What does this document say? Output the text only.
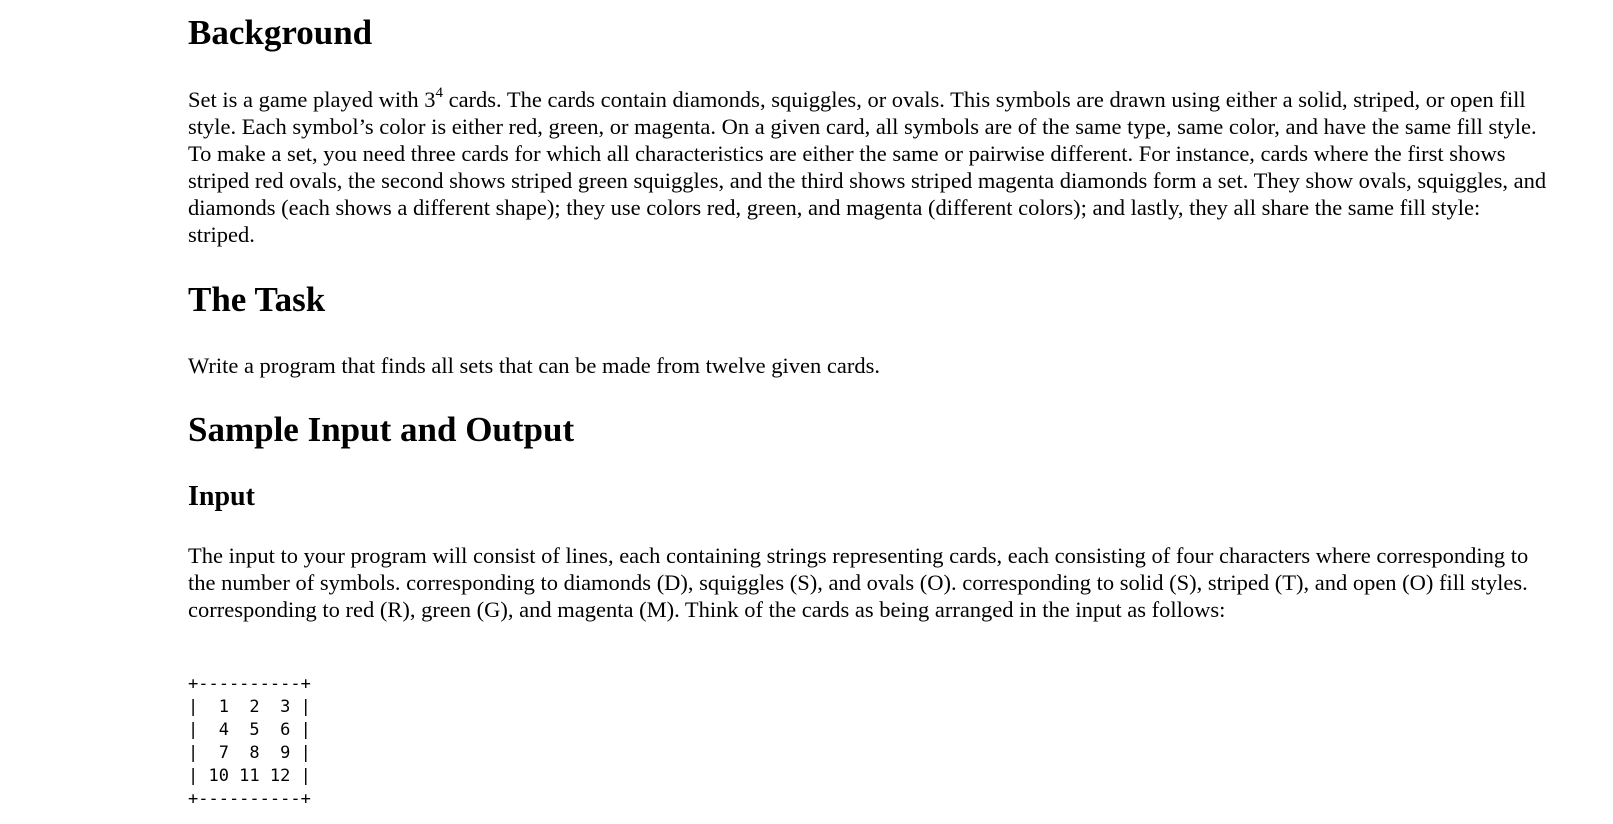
Background

Set is a game played with $3^4$ cards. The cards contain diamonds, squiggles, or ovals. This symbols are drawn using either a solid, striped, or open fill style. Each symbol’s color is either red, green, or magenta. On a given card, all symbols are of the same type, same color, and have the same fill style. To make a set, you need three cards for which all characteristics are either the same or pairwise different. For instance, cards where the first shows striped red ovals, the second shows striped green squiggles, and the third shows striped magenta diamonds form a set. They show ovals, squiggles, and diamonds (each shows a different shape); they use colors red, green, and magenta (different colors); and lastly, they all share the same fill style: striped.

The Task

Write a program that finds all sets that can be made from twelve given cards.

Sample Input and Output
Input

The input to your program will consist of lines, each containing strings representing cards, each consisting of four characters where corresponding to the number of symbols. corresponding to diamonds (D), squiggles (S), and ovals (O). corresponding to solid (S), striped (T), and open (O) fill styles. corresponding to red (R), green (G), and magenta (M). Think of the cards as being arranged in the input as follows:

+----------+
|  1  2  3 |
|  4  5  6 |
|  7  8  9 |
| 10 11 12 |
+----------+
